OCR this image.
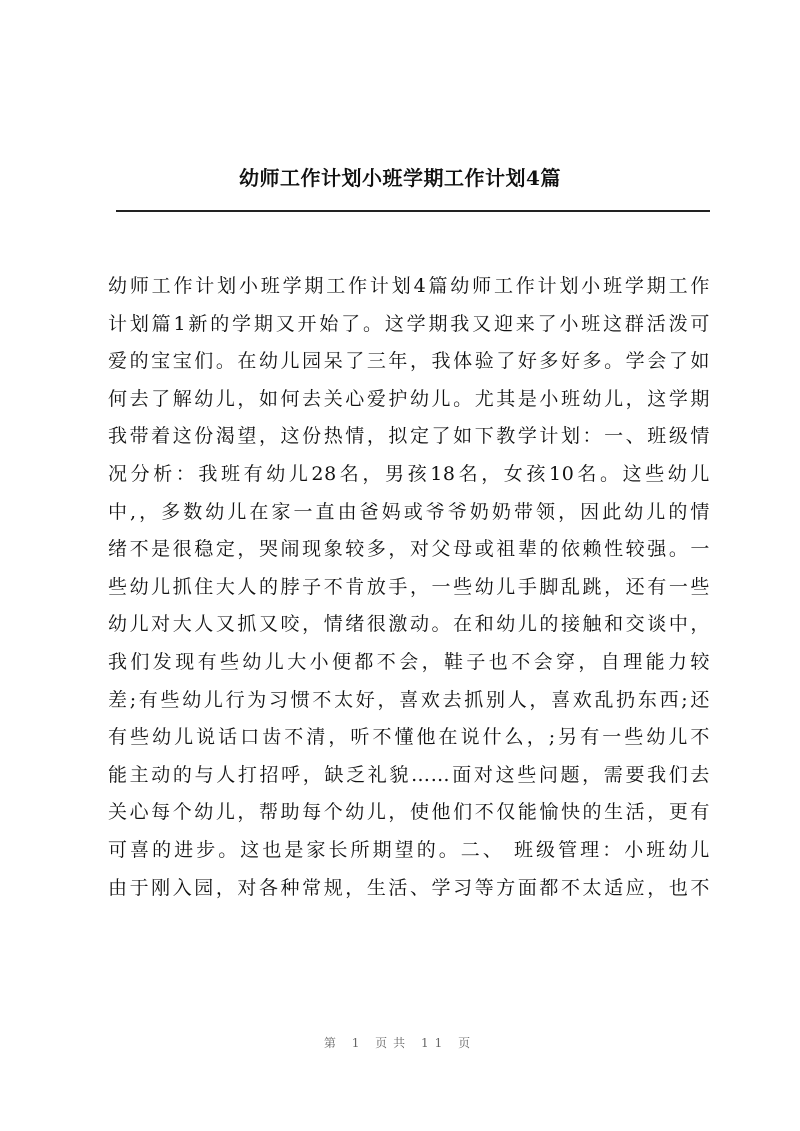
幼师工作计划小班学期工作计划4篇
幼师工作计划小班学期工作计划4篇幼师工作计划小班学期工作
计划篇1新的学期又开始了。这学期我又迎来了小班这群活泼可
爱的宝宝们。在幼儿园呆了三年，我体验了好多好多。学会了如
何去了解幼儿，如何去关心爱护幼儿。尤其是小班幼儿，这学期
我带着这份渴望，这份热情，拟定了如下教学计划：一、班级情
况分析：我班有幼儿28名，男孩18名，女孩10名。这些幼儿
中,，多数幼儿在家一直由爸妈或爷爷奶奶带领，因此幼儿的情
绪不是很稳定，哭闹现象较多，对父母或祖辈的依赖性较强。一
些幼儿抓住大人的脖子不肯放手，一些幼儿手脚乱跳，还有一些
幼儿对大人又抓又咬，情绪很激动。在和幼儿的接触和交谈中，
我们发现有些幼儿大小便都不会，鞋子也不会穿，自理能力较
差;有些幼儿行为习惯不太好，喜欢去抓别人，喜欢乱扔东西;还
有些幼儿说话口齿不清，听不懂他在说什么，;另有一些幼儿不
能主动的与人打招呼，缺乏礼貌……面对这些问题，需要我们去
关心每个幼儿，帮助每个幼儿，使他们不仅能愉快的生活，更有
可喜的进步。这也是家长所期望的。二、 班级管理：小班幼儿
由于刚入园，对各种常规，生活、学习等方面都不太适应，也不
第 1 页共 11 页
